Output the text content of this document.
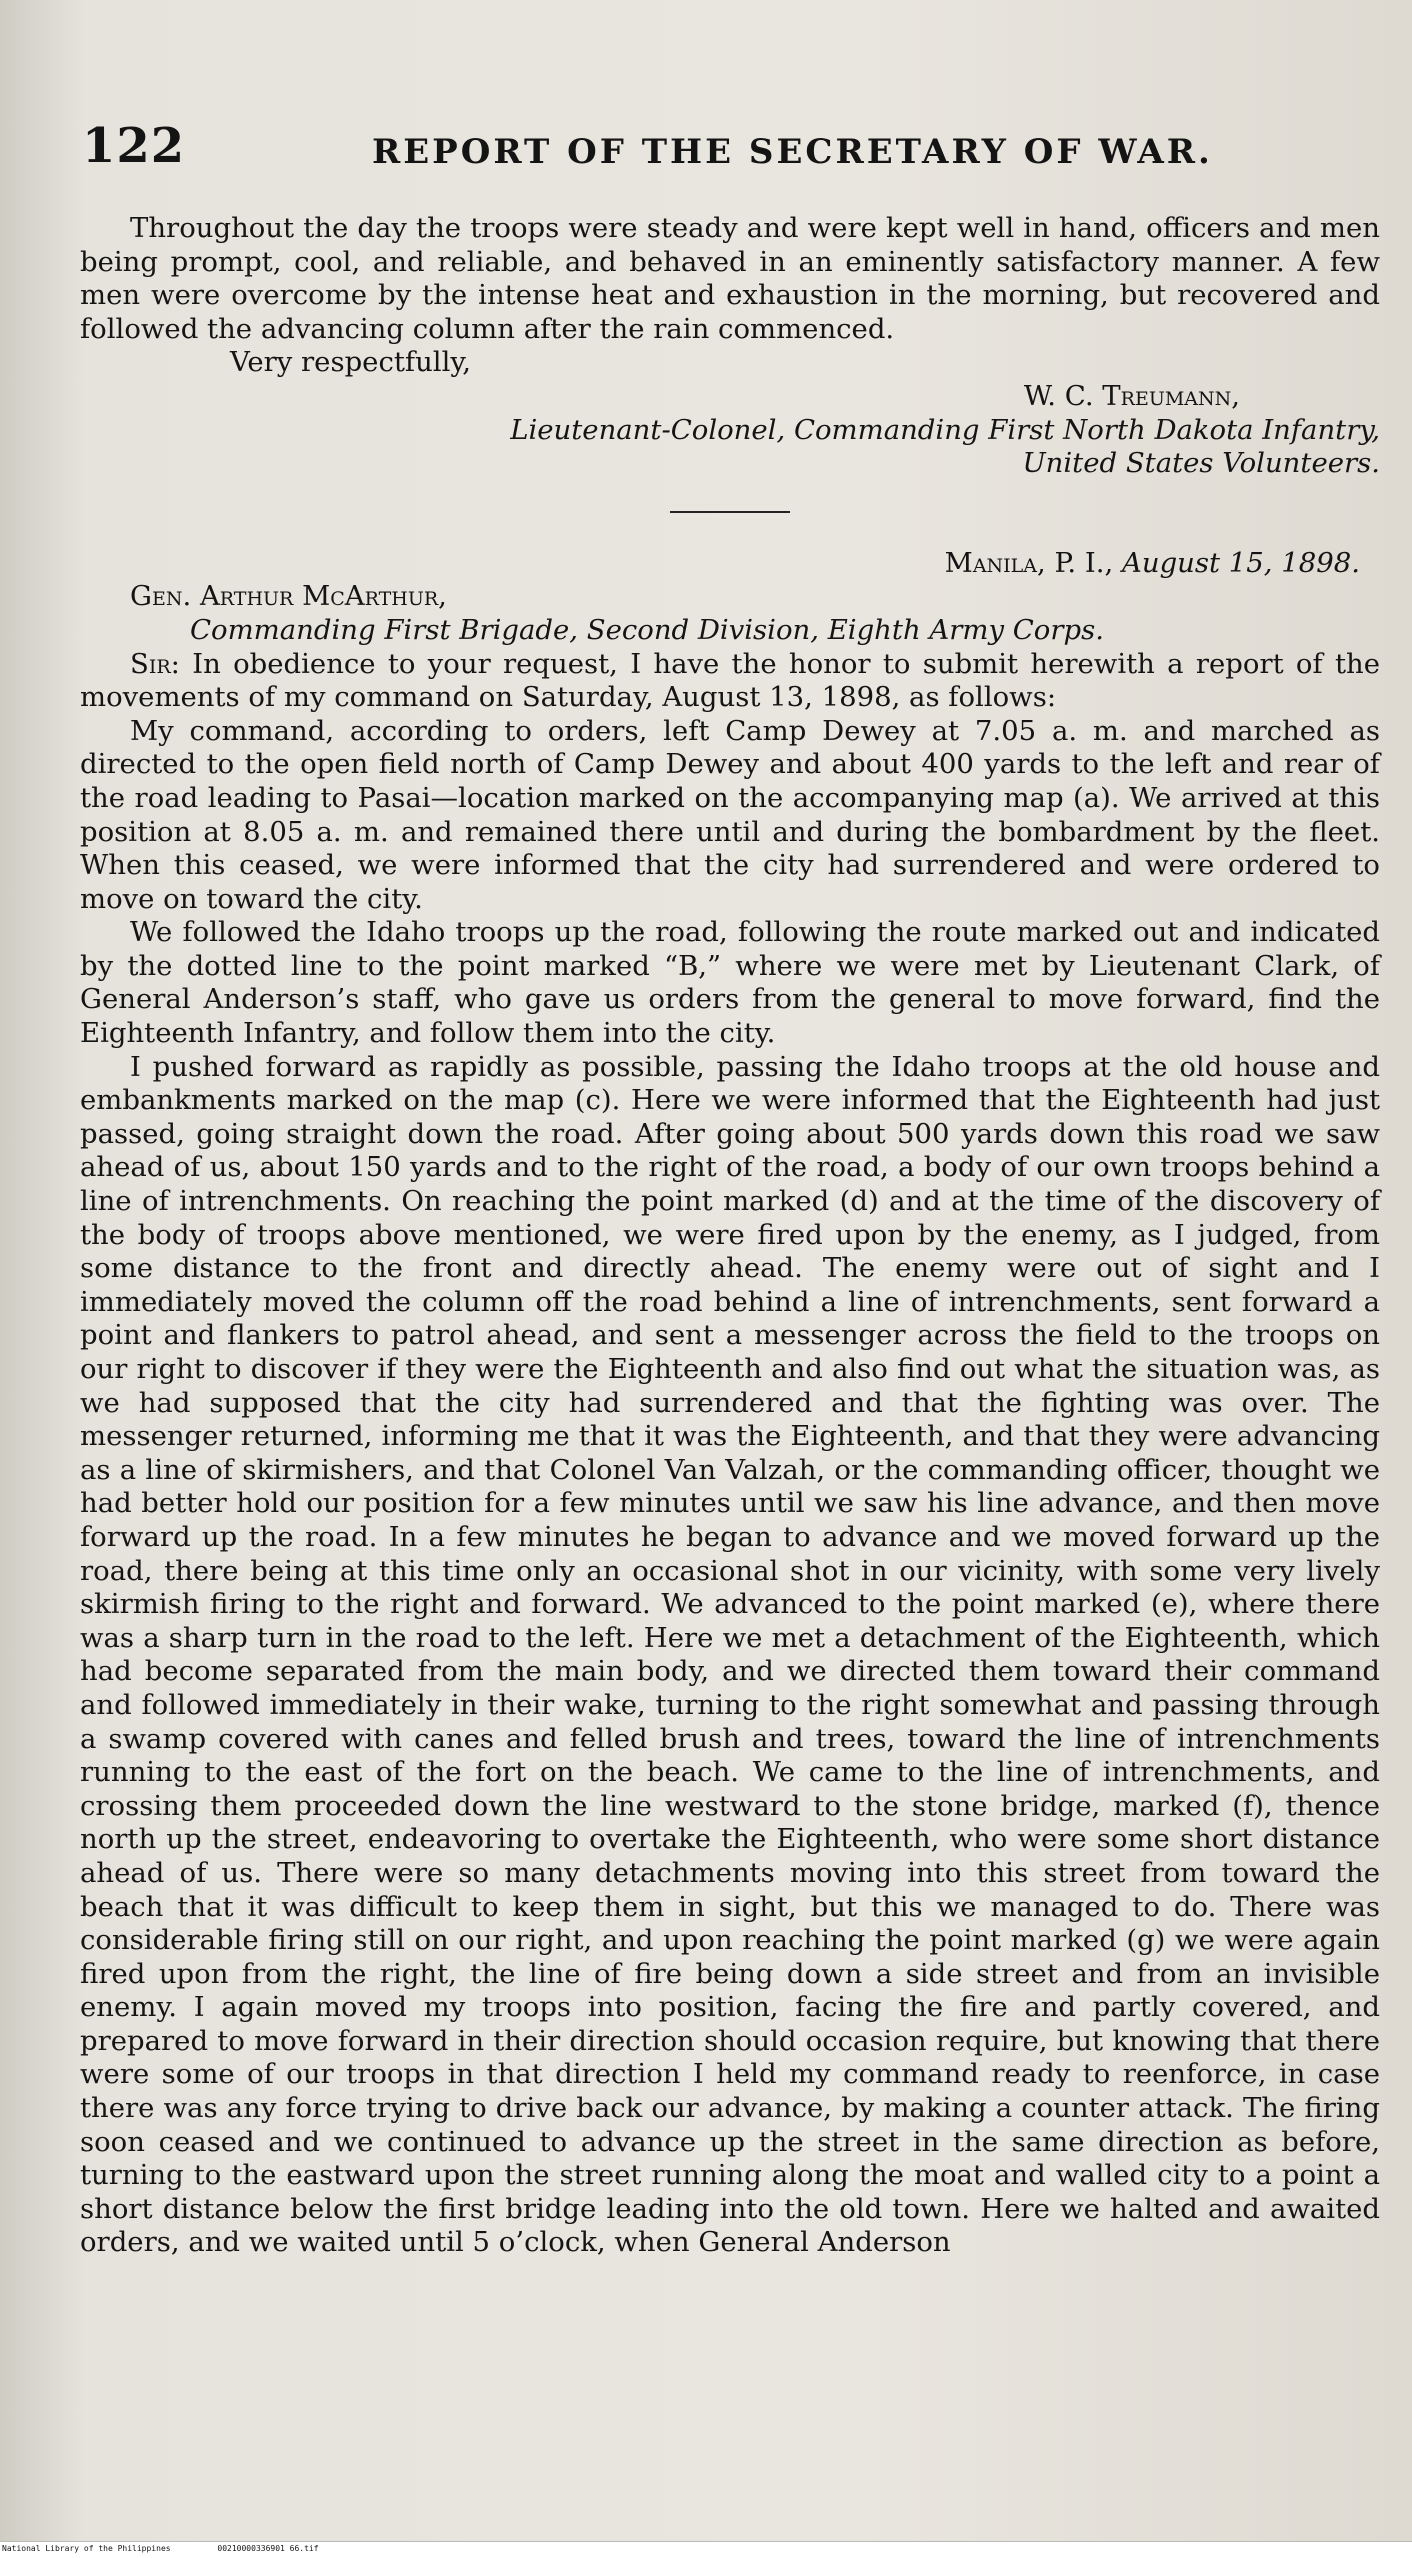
122	REPORT OF THE SECRETARY OF WAR.

Throughout the day the troops were steady and were kept well in hand, officers and men being prompt, cool, and reliable, and behaved in an eminently satisfactory manner. A few men were overcome by the intense heat and exhaustion in the morning, but recovered and followed the advancing column after the rain commenced.

Very respectfully,

W. C. Treumann,

Lieutenant-Colonel, Commanding First North Dakota Infantry,

United States Volunteers.

Manila, P. I., August 15, 1898.

Gen. Arthur McArthur,

Commanding First Brigade, Second Division, Eighth Army Corps.

Sir: In obedience to your request, I have the honor to submit herewith a report of the movements of my command on Saturday, August 13, 1898, as follows:

My command, according to orders, left Camp Dewey at 7.05 a. m. and marched as directed to the open field north of Camp Dewey and about 400 yards to the left and rear of the road leading to Pasai—location marked on the accompanying map (a). We arrived at this position at 8.05 a. m. and remained there until and during the bombardment by the fleet. When this ceased, we were informed that the city had surrendered and were ordered to move on toward the city.

We followed the Idaho troops up the road, following the route marked out and indicated by the dotted line to the point marked “B,” where we were met by Lieutenant Clark, of General Anderson’s staff, who gave us orders from the general to move forward, find the Eighteenth Infantry, and follow them into the city.

I pushed forward as rapidly as possible, passing the Idaho troops at the old house and embankments marked on the map (c). Here we were informed that the Eighteenth had just passed, going straight down the road. After going about 500 yards down this road we saw ahead of us, about 150 yards and to the right of the road, a body of our own troops behind a line of intrenchments. On reaching the point marked (d) and at the time of the discovery of the body of troops above mentioned, we were fired upon by the enemy, as I judged, from some distance to the front and directly ahead. The enemy were out of sight and I immediately moved the column off the road behind a line of intrenchments, sent forward a point and flankers to patrol ahead, and sent a messenger across the field to the troops on our right to discover if they were the Eighteenth and also find out what the situation was, as we had supposed that the city had surrendered and that the fighting was over. The messenger returned, informing me that it was the Eighteenth, and that they were advancing as a line of skirmishers, and that Colonel Van Valzah, or the commanding officer, thought we had better hold our position for a few minutes until we saw his line advance, and then move forward up the road. In a few minutes he began to advance and we moved forward up the road, there being at this time only an occasional shot in our vicinity, with some very lively skirmish firing to the right and forward. We advanced to the point marked (e), where there was a sharp turn in the road to the left. Here we met a detachment of the Eighteenth, which had become separated from the main body, and we directed them toward their command and followed immediately in their wake, turning to the right somewhat and passing through a swamp covered with canes and felled brush and trees, toward the line of intrenchments running to the east of the fort on the beach. We came to the line of intrenchments, and crossing them proceeded down the line westward to the stone bridge, marked (f), thence north up the street, endeavoring to overtake the Eighteenth, who were some short distance ahead of us. There were so many detachments moving into this street from toward the beach that it was difficult to keep them in sight, but this we managed to do. There was considerable firing still on our right, and upon reaching the point marked (g) we were again fired upon from the right, the line of fire being down a side street and from an invisible enemy. I again moved my troops into position, facing the fire and partly covered, and prepared to move forward in their direction should occasion require, but knowing that there were some of our troops in that direction I held my command ready to reenforce, in case there was any force trying to drive back our advance, by making a counter attack. The firing soon ceased and we continued to advance up the street in the same direction as before, turning to the eastward upon the street running along the moat and walled city to a point a short distance below the first bridge leading into the old town. Here we halted and awaited orders, and we waited until 5 o’clock, when General Anderson

National Library of the Philippines	00210000336901 66.tif
